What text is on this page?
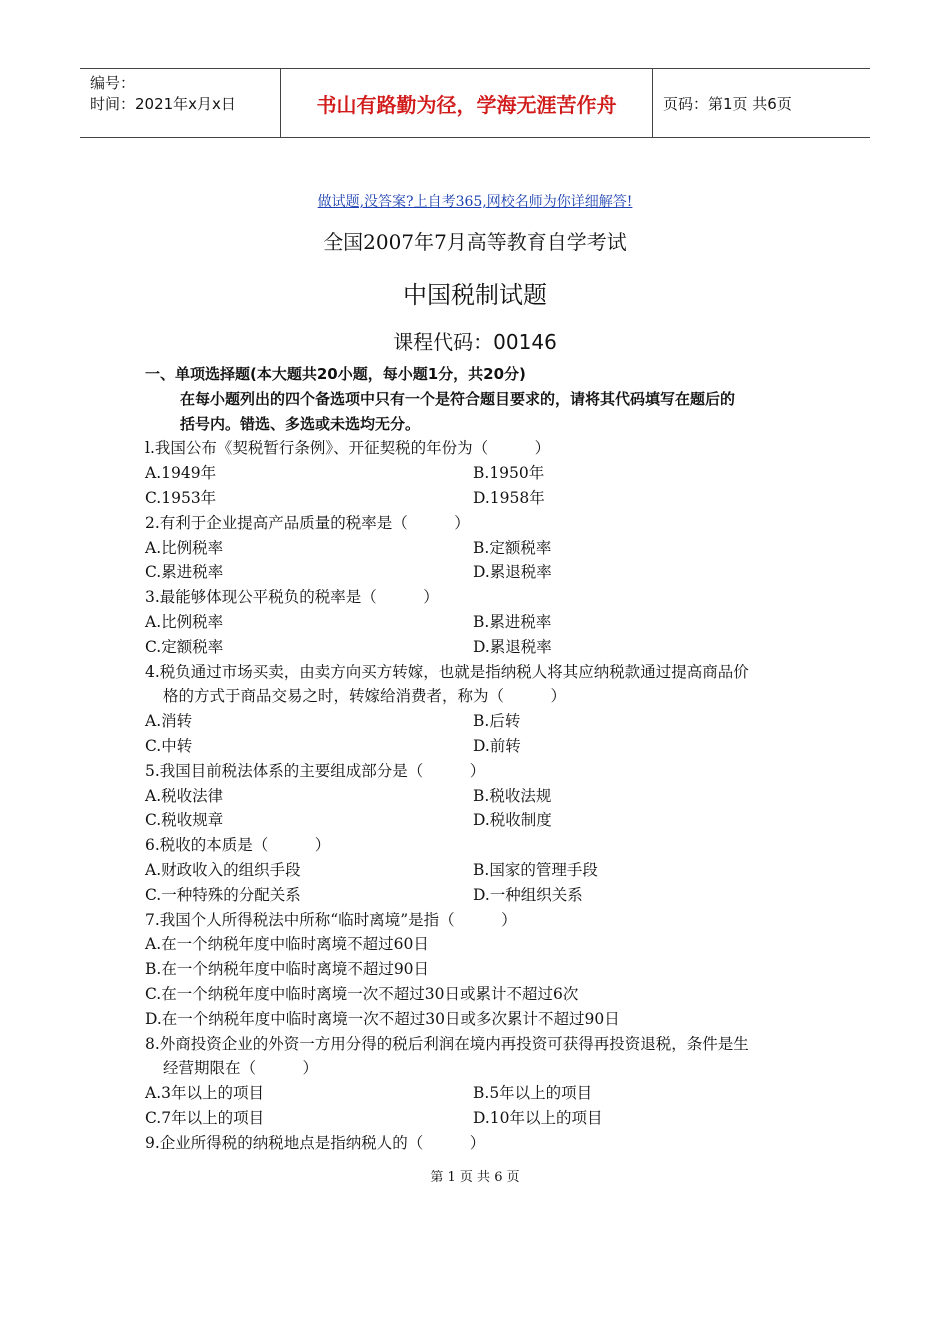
编号：
时间：2021年x月x日	书山有路勤为径，学海无涯苦作舟	页码：第1页 共6页
做试题,没答案?上自考365,网校名师为你详细解答!
全国2007年7月高等教育自学考试
中国税制试题
课程代码：00146
一、单项选择题(本大题共20小题，每小题1分，共20分)
在每小题列出的四个备选项中只有一个是符合题目要求的，请将其代码填写在题后的
括号内。错选、多选或未选均无分。
l.我国公布《契税暂行条例》、开征契税的年份为（　　　）
A.1949年	B.1950年
C.1953年	D.1958年
2.有利于企业提高产品质量的税率是（　　　）
A.比例税率	B.定额税率
C.累进税率	D.累退税率
3.最能够体现公平税负的税率是（　　　）
A.比例税率	B.累进税率
C.定额税率	D.累退税率
4.税负通过市场买卖，由卖方向买方转嫁，也就是指纳税人将其应纳税款通过提高商品价
格的方式于商品交易之时，转嫁给消费者，称为（　　　）
A.消转	B.后转
C.中转	D.前转
5.我国目前税法体系的主要组成部分是（　　　）
A.税收法律	B.税收法规
C.税收规章	D.税收制度
6.税收的本质是（　　　）
A.财政收入的组织手段	B.国家的管理手段
C.一种特殊的分配关系	D.一种组织关系
7.我国个人所得税法中所称“临时离境”是指（　　　）
A.在一个纳税年度中临时离境不超过60日
B.在一个纳税年度中临时离境不超过90日
C.在一个纳税年度中临时离境一次不超过30日或累计不超过6次
D.在一个纳税年度中临时离境一次不超过30日或多次累计不超过90日
8.外商投资企业的外资一方用分得的税后利润在境内再投资可获得再投资退税，条件是生
经营期限在（　　　）
A.3年以上的项目	B.5年以上的项目
C.7年以上的项目	D.10年以上的项目
9.企业所得税的纳税地点是指纳税人的（　　　）
第 1 页 共 6 页
